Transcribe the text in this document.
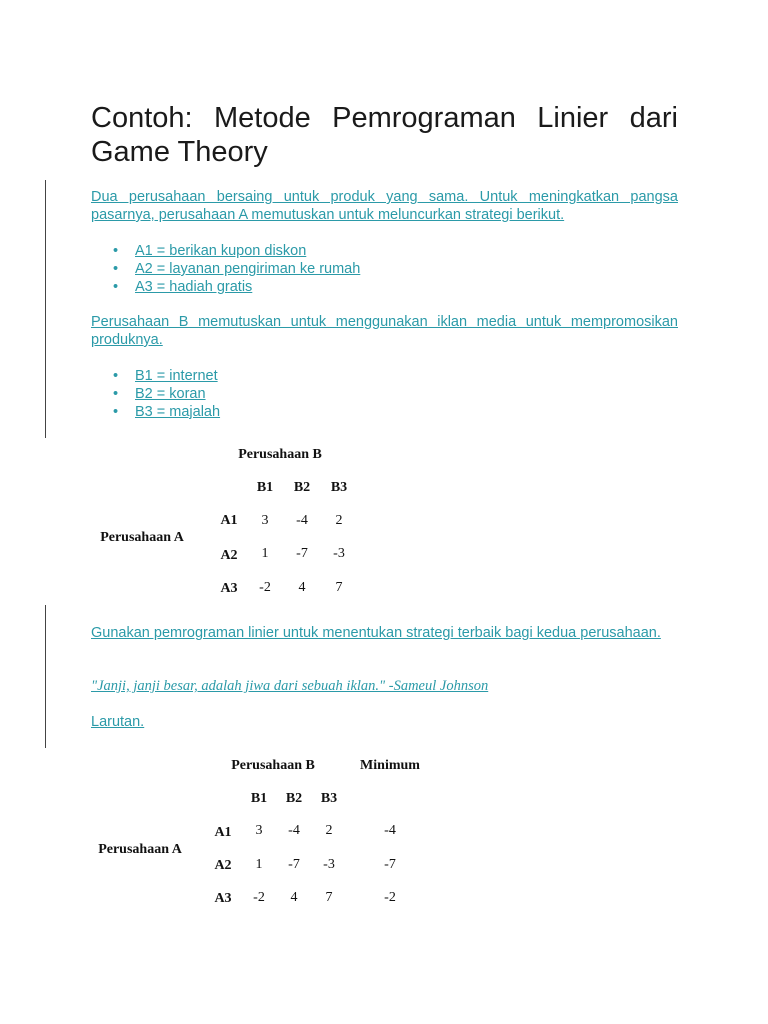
Contoh: Metode Pemrograman Linier dari Game Theory

Dua perusahaan bersaing untuk produk yang sama. Untuk meningkatkan pangsa pasarnya, perusahaan A memutuskan untuk meluncurkan strategi berikut.

• A1 = berikan kupon diskon
• A2 = layanan pengiriman ke rumah
• A3 = hadiah gratis

Perusahaan B memutuskan untuk menggunakan iklan media untuk mempromosikan produknya.

• B1 = internet
• B2 = koran
• B3 = majalah
Perusahaan B
B1 B2 B3
Perusahaan A
A1 3 -4 2
A2 1 -7 -3
A3 -2 4 7

Gunakan pemrograman linier untuk menentukan strategi terbaik bagi kedua perusahaan.

"Janji, janji besar, adalah jiwa dari sebuah iklan." -Sameul Johnson

Larutan.

Perusahaan B	Minimum
B1 B2 B3
Perusahaan A
A1 3 -4 2	-4
A2 1 -7 -3	-7
A3 -2 4 7	-2
